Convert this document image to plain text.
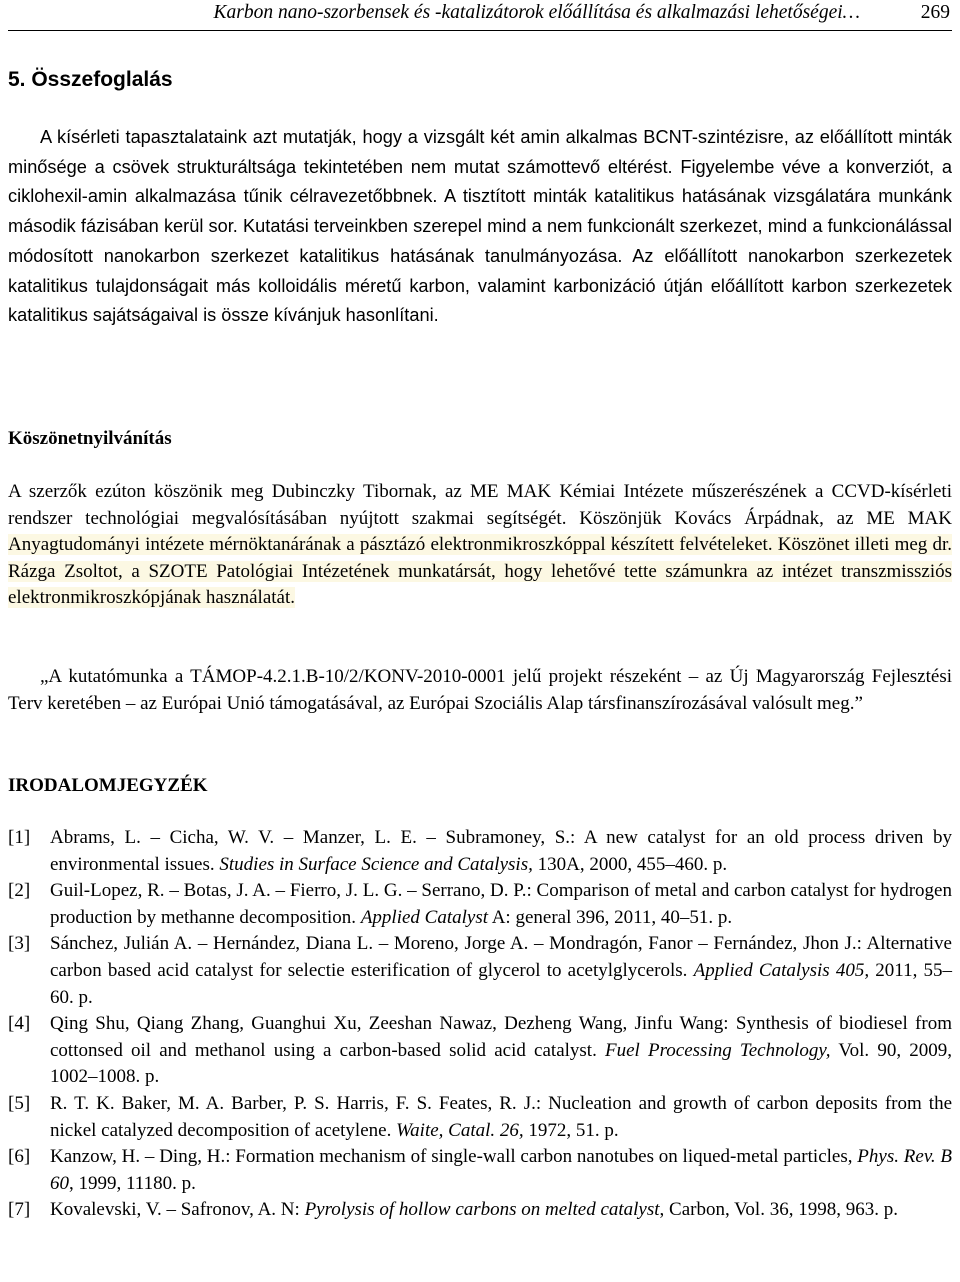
Karbon nano-szorbensek és -katalizátorok előállítása és alkalmazási lehetőségei…	269
5. Összefoglalás

A kísérleti tapasztalataink azt mutatják, hogy a vizsgált két amin alkalmas BCNT-szintézisre, az előállított minták minősége a csövek strukturáltsága tekintetében nem mutat számottevő eltérést. Figyelembe véve a konverziót, a ciklohexil-amin alkalmazása tűnik célravezetőbbnek. A tisztított minták katalitikus hatásának vizsgálatára munkánk második fázisában kerül sor. Kutatási terveinkben szerepel mind a nem funkcionált szerkezet, mind a funkcionálással módosított nanokarbon szerkezet katalitikus hatásának tanulmányozása. Az előállított nanokarbon szerkezetek katalitikus tulajdonságait más kolloidális méretű karbon, valamint karbonizáció útján előállított karbon szerkezetek katalitikus sajátságaival is össze kívánjuk hasonlítani.

Köszönetnyilvánítás

A szerzők ezúton köszönik meg Dubinczky Tibornak, az ME MAK Kémiai Intézete műszerészének a CCVD-kísérleti rendszer technológiai megvalósításában nyújtott szakmai segítségét. Köszönjük Kovács Árpádnak, az ME MAK Anyagtudományi intézete mérnöktanárának a pásztázó elektronmikroszkóppal készített felvételeket. Köszönet illeti meg dr. Rázga Zsoltot, a SZOTE Patológiai Intézetének munkatársát, hogy lehetővé tette számunkra az intézet transzmissziós elektronmikroszkópjának használatát.

„A kutatómunka a TÁMOP-4.2.1.B-10/2/KONV-2010-0001 jelű projekt részeként – az Új Magyarország Fejlesztési Terv keretében – az Európai Unió támogatásával, az Európai Szociális Alap társfinanszírozásával valósult meg.”

IRODALOMJEGYZÉK
[1] Abrams, L. – Cicha, W. V. – Manzer, L. E. – Subramoney, S.: A new catalyst for an old process driven by environmental issues. Studies in Surface Science and Catalysis, 130A, 2000, 455–460. p.
[2] Guil-Lopez, R. – Botas, J. A. – Fierro, J. L. G. – Serrano, D. P.: Comparison of metal and carbon catalyst for hydrogen production by methanne decomposition. Applied Catalyst A: general 396, 2011, 40–51. p.
[3] Sánchez, Julián A. – Hernández, Diana L. – Moreno, Jorge A. – Mondragón, Fanor – Fernández, Jhon J.: Alternative carbon based acid catalyst for selectie esterification of glycerol to acetylglycerols. Applied Catalysis 405, 2011, 55–60. p.
[4] Qing Shu, Qiang Zhang, Guanghui Xu, Zeeshan Nawaz, Dezheng Wang, Jinfu Wang: Synthesis of biodiesel from cottonsed oil and methanol using a carbon-based solid acid catalyst. Fuel Processing Technology, Vol. 90, 2009, 1002–1008. p.
[5] R. T. K. Baker, M. A. Barber, P. S. Harris, F. S. Feates, R. J.: Nucleation and growth of carbon deposits from the nickel catalyzed decomposition of acetylene. Waite, Catal. 26, 1972, 51. p.
[6] Kanzow, H. – Ding, H.: Formation mechanism of single-wall carbon nanotubes on liqued-metal particles, Phys. Rev. B 60, 1999, 11180. p.
[7] Kovalevski, V. – Safronov, A. N: Pyrolysis of hollow carbons on melted catalyst, Carbon, Vol. 36, 1998, 963. p.
